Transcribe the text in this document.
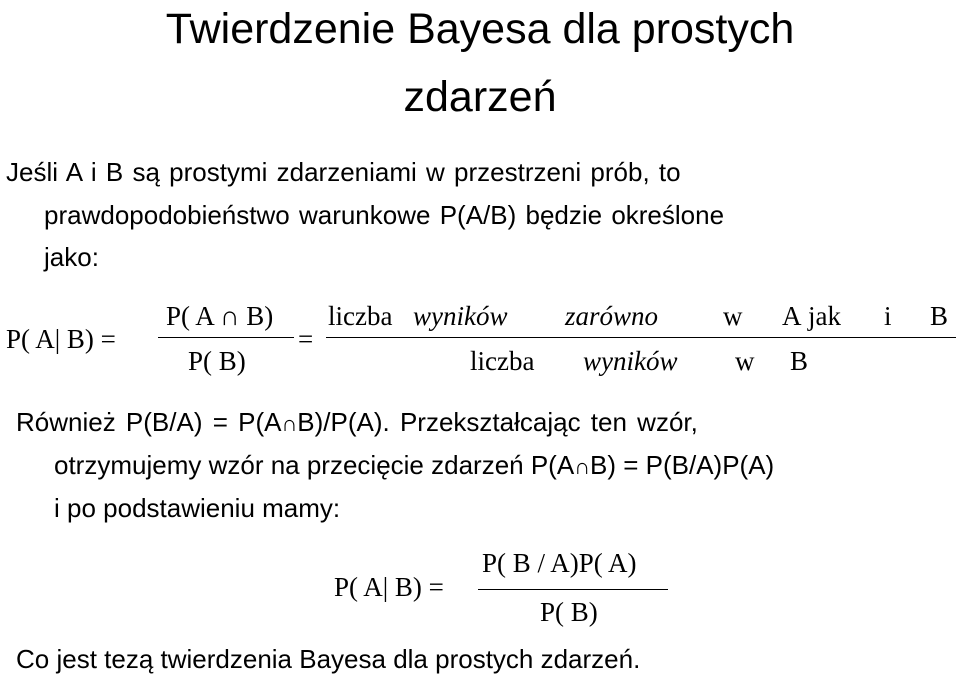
Twierdzenie Bayesa dla prostych
zdarzeń
Jeśli A i B są prostymi zdarzeniami w przestrzeni prób, to
prawdopodobieństwo warunkowe P(A/B) będzie określone
jako:
P( A| B) =
P( A ∩ B)
P( B)
=
liczba wyników zarówno w A jak i B
liczba wyników w B
Również P(B/A) = P(A∩B)/P(A). Przekształcając ten wzór,
otrzymujemy wzór na przecięcie zdarzeń P(A∩B) = P(B/A)P(A)
i po podstawieniu mamy:
P( A| B) =
P( B / A)P( A)
P( B)
Co jest tezą twierdzenia Bayesa dla prostych zdarzeń.
